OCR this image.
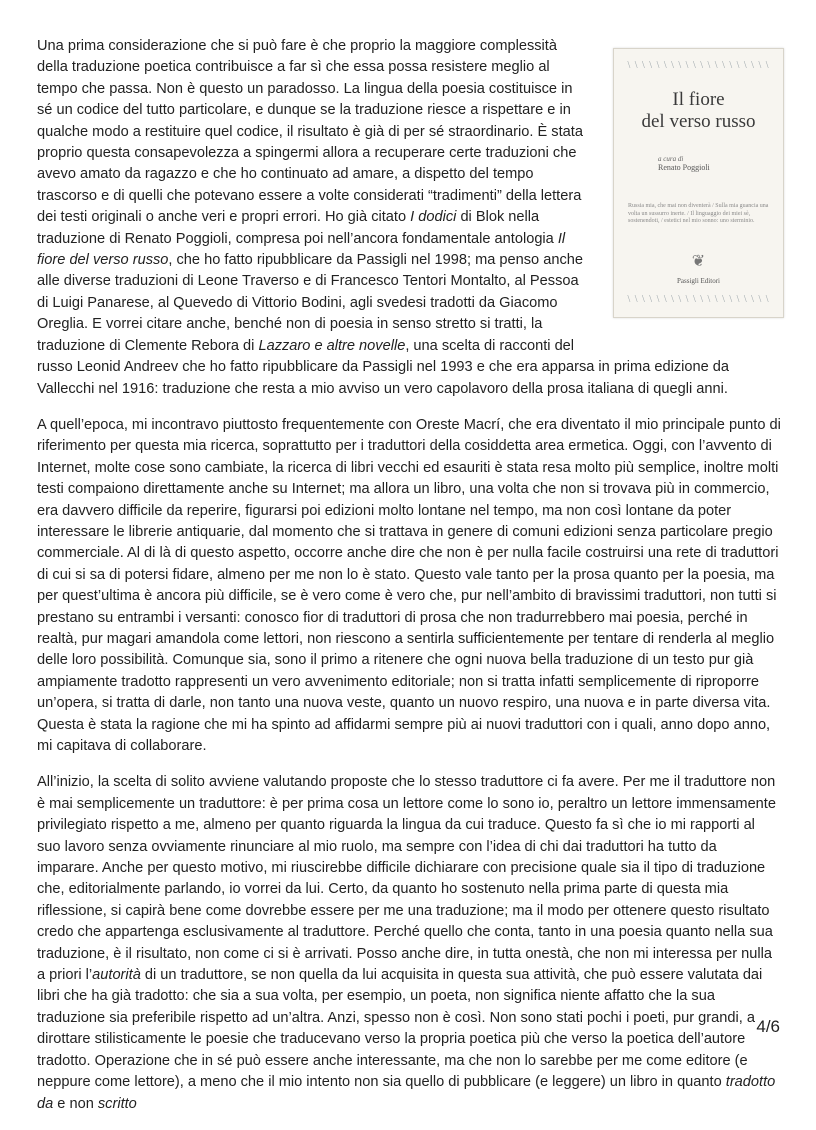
\ \ \ \ \ \ \ \ \ \ \ \ \ \ \ \ \ \ \ \
Il fiore
del verso russo
a cura di
Renato Poggioli
Russia mia, che mai non diventerà / Sulla mia guancia una volta un sussurro inerte. / Il linguaggio dei miei sè, sostenendoti, / estetici nel mio sonno: uno sterminio.
❦
Passigli Editori
\ \ \ \ \ \ \ \ \ \ \ \ \ \ \ \ \ \ \ \

Una prima considerazione che si può fare è che proprio la maggiore complessità della traduzione poetica contribuisce a far sì che essa possa resistere meglio al tempo che passa. Non è questo un paradosso. La lingua della poesia costituisce in sé un codice del tutto particolare, e dunque se la traduzione riesce a rispettare e in qualche modo a restituire quel codice, il risultato è già di per sé straordinario. È stata proprio questa consapevolezza a spingermi allora a recuperare certe traduzioni che avevo amato da ragazzo e che ho continuato ad amare, a dispetto del tempo trascorso e di quelli che potevano essere a volte considerati “tradimenti” della lettera dei testi originali o anche veri e propri errori. Ho già citato I dodici di Blok nella traduzione di Renato Poggioli, compresa poi nell’ancora fondamentale antologia Il fiore del verso russo, che ho fatto ripubblicare da Passigli nel 1998; ma penso anche alle diverse traduzioni di Leone Traverso e di Francesco Tentori Montalto, al Pessoa di Luigi Panarese, al Quevedo di Vittorio Bodini, agli svedesi tradotti da Giacomo Oreglia. E vorrei citare anche, benché non di poesia in senso stretto si tratti, la traduzione di Clemente Rebora di Lazzaro e altre novelle, una scelta di racconti del russo Leonid Andreev che ho fatto ripubblicare da Passigli nel 1993 e che era apparsa in prima edizione da Vallecchi nel 1916: traduzione che resta a mio avviso un vero capolavoro della prosa italiana di quegli anni.

A quell’epoca, mi incontravo piuttosto frequentemente con Oreste Macrí, che era diventato il mio principale punto di riferimento per questa mia ricerca, soprattutto per i traduttori della cosiddetta area ermetica. Oggi, con l’avvento di Internet, molte cose sono cambiate, la ricerca di libri vecchi ed esauriti è stata resa molto più semplice, inoltre molti testi compaiono direttamente anche su Internet; ma allora un libro, una volta che non si trovava più in commercio, era davvero difficile da reperire, figurarsi poi edizioni molto lontane nel tempo, ma non così lontane da poter interessare le librerie antiquarie, dal momento che si trattava in genere di comuni edizioni senza particolare pregio commerciale. Al di là di questo aspetto, occorre anche dire che non è per nulla facile costruirsi una rete di traduttori di cui si sa di potersi fidare, almeno per me non lo è stato. Questo vale tanto per la prosa quanto per la poesia, ma per quest’ultima è ancora più difficile, se è vero come è vero che, pur nell’ambito di bravissimi traduttori, non tutti si prestano su entrambi i versanti: conosco fior di traduttori di prosa che non tradurrebbero mai poesia, perché in realtà, pur magari amandola come lettori, non riescono a sentirla sufficientemente per tentare di renderla al meglio delle loro possibilità. Comunque sia, sono il primo a ritenere che ogni nuova bella traduzione di un testo pur già ampiamente tradotto rappresenti un vero avvenimento editoriale; non si tratta infatti semplicemente di riproporre un’opera, si tratta di darle, non tanto una nuova veste, quanto un nuovo respiro, una nuova e in parte diversa vita. Questa è stata la ragione che mi ha spinto ad affidarmi sempre più ai nuovi traduttori con i quali, anno dopo anno, mi capitava di collaborare.

All’inizio, la scelta di solito avviene valutando proposte che lo stesso traduttore ci fa avere. Per me il traduttore non è mai semplicemente un traduttore: è per prima cosa un lettore come lo sono io, peraltro un lettore immensamente privilegiato rispetto a me, almeno per quanto riguarda la lingua da cui traduce. Questo fa sì che io mi rapporti al suo lavoro senza ovviamente rinunciare al mio ruolo, ma sempre con l’idea di chi dai traduttori ha tutto da imparare. Anche per questo motivo, mi riuscirebbe difficile dichiarare con precisione quale sia il tipo di traduzione che, editorialmente parlando, io vorrei da lui. Certo, da quanto ho sostenuto nella prima parte di questa mia riflessione, si capirà bene come dovrebbe essere per me una traduzione; ma il modo per ottenere questo risultato credo che appartenga esclusivamente al traduttore. Perché quello che conta, tanto in una poesia quanto nella sua traduzione, è il risultato, non come ci si è arrivati. Posso anche dire, in tutta onestà, che non mi interessa per nulla a priori l’autorità di un traduttore, se non quella da lui acquisita in questa sua attività, che può essere valutata dai libri che ha già tradotto: che sia a sua volta, per esempio, un poeta, non significa niente affatto che la sua traduzione sia preferibile rispetto ad un’altra. Anzi, spesso non è così. Non sono stati pochi i poeti, pur grandi, a dirottare stilisticamente le poesie che traducevano verso la propria poetica più che verso la poetica dell’autore tradotto. Operazione che in sé può essere anche interessante, ma che non lo sarebbe per me come editore (e neppure come lettore), a meno che il mio intento non sia quello di pubblicare (e leggere) un libro in quanto tradotto da e non scritto

4/6
